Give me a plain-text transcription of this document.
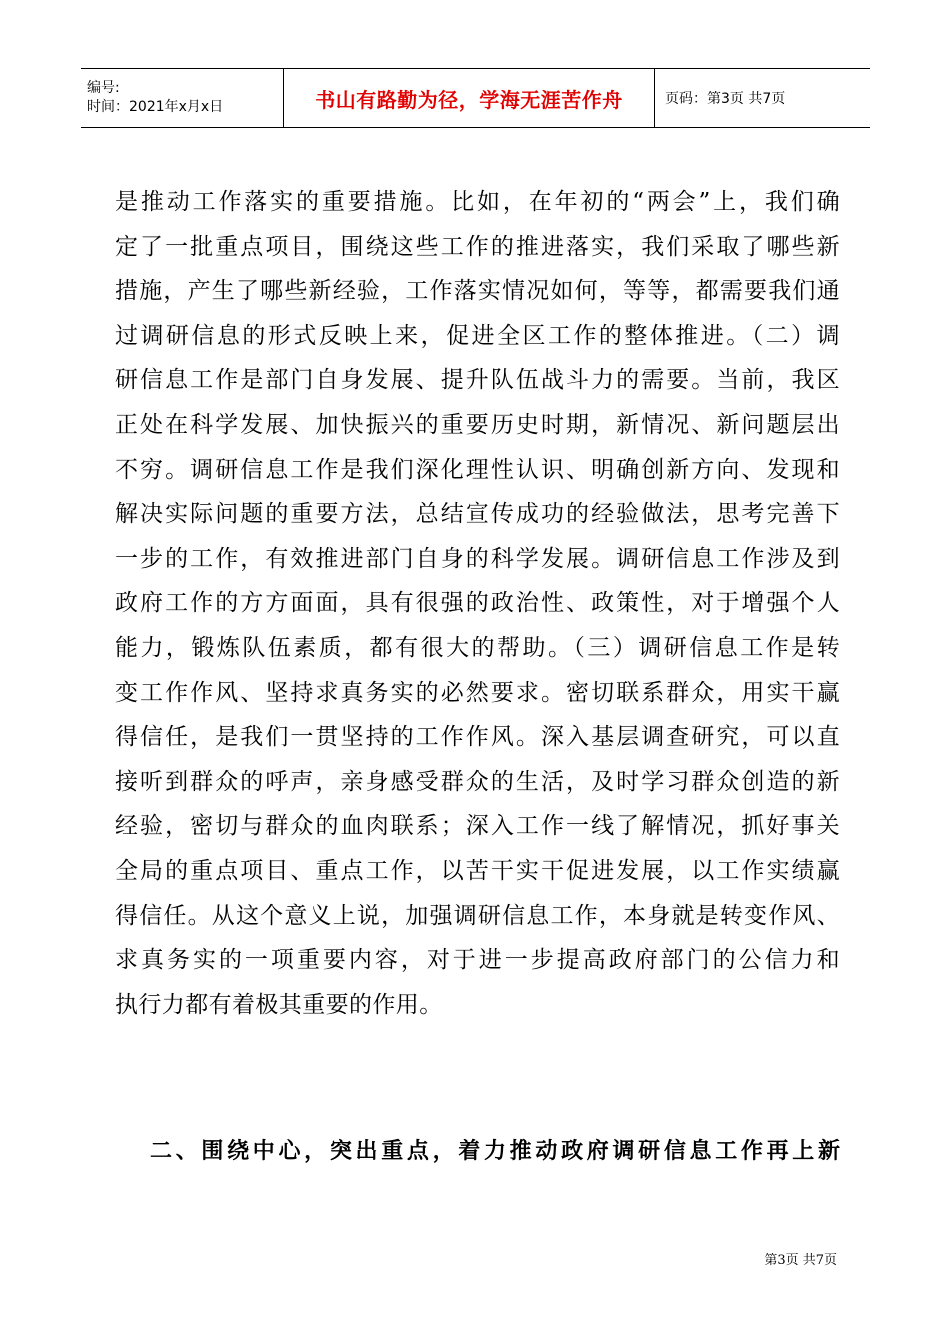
编号:
时间：2021年x月x日	书山有路勤为径，学海无涯苦作舟	页码：第3页 共7页
是推动工作落实的重要措施。比如，在年初的“两会”上，我们确
定了一批重点项目，围绕这些工作的推进落实，我们采取了哪些新
措施，产生了哪些新经验，工作落实情况如何，等等，都需要我们通
过调研信息的形式反映上来，促进全区工作的整体推进。（二）调
研信息工作是部门自身发展、提升队伍战斗力的需要。当前，我区
正处在科学发展、加快振兴的重要历史时期，新情况、新问题层出
不穷。调研信息工作是我们深化理性认识、明确创新方向、发现和
解决实际问题的重要方法，总结宣传成功的经验做法，思考完善下
一步的工作，有效推进部门自身的科学发展。调研信息工作涉及到
政府工作的方方面面，具有很强的政治性、政策性，对于增强个人
能力，锻炼队伍素质，都有很大的帮助。（三）调研信息工作是转
变工作作风、坚持求真务实的必然要求。密切联系群众，用实干赢
得信任，是我们一贯坚持的工作作风。深入基层调查研究，可以直
接听到群众的呼声，亲身感受群众的生活，及时学习群众创造的新
经验，密切与群众的血肉联系；深入工作一线了解情况，抓好事关
全局的重点项目、重点工作，以苦干实干促进发展，以工作实绩赢
得信任。从这个意义上说，加强调研信息工作，本身就是转变作风、
求真务实的一项重要内容，对于进一步提高政府部门的公信力和
执行力都有着极其重要的作用。
二、围绕中心，突出重点，着力推动政府调研信息工作再上新
第3页 共7页
